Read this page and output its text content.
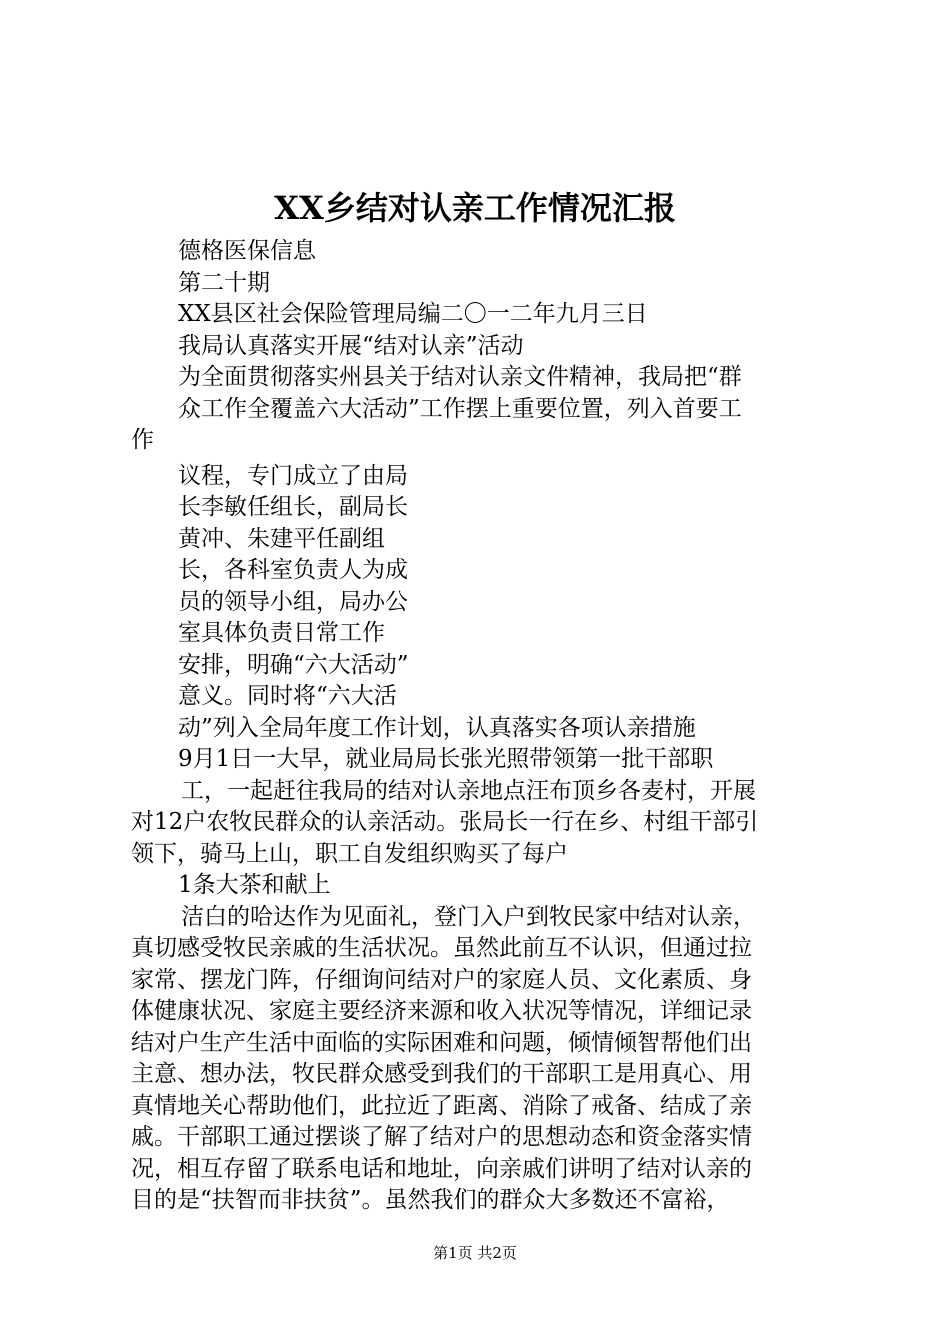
XX乡结对认亲工作情况汇报
德格医保信息
第二十期
XX县区社会保险管理局编二〇一二年九月三日
我局认真落实开展“结对认亲”活动
为全面贯彻落实州县关于结对认亲文件精神，我局把“群
众工作全覆盖六大活动”工作摆上重要位置，列入首要工
作
议程，专门成立了由局
长李敏任组长，副局长
黄冲、朱建平任副组
长，各科室负责人为成
员的领导小组，局办公
室具体负责日常工作
安排，明确“六大活动”
意义。同时将“六大活
动”列入全局年度工作计划，认真落实各项认亲措施
9月1日一大早，就业局局长张光照带领第一批干部职
工，一起赶往我局的结对认亲地点汪布顶乡各麦村，开展
对12户农牧民群众的认亲活动。张局长一行在乡、村组干部引
领下，骑马上山，职工自发组织购买了每户
1条大茶和献上
洁白的哈达作为见面礼，登门入户到牧民家中结对认亲，
真切感受牧民亲戚的生活状况。虽然此前互不认识，但通过拉
家常、摆龙门阵，仔细询问结对户的家庭人员、文化素质、身
体健康状况、家庭主要经济来源和收入状况等情况，详细记录
结对户生产生活中面临的实际困难和问题，倾情倾智帮他们出
主意、想办法，牧民群众感受到我们的干部职工是用真心、用
真情地关心帮助他们，此拉近了距离、消除了戒备、结成了亲
戚。干部职工通过摆谈了解了结对户的思想动态和资金落实情
况，相互存留了联系电话和地址，向亲戚们讲明了结对认亲的
目的是“扶智而非扶贫”。虽然我们的群众大多数还不富裕，
第1页 共2页
